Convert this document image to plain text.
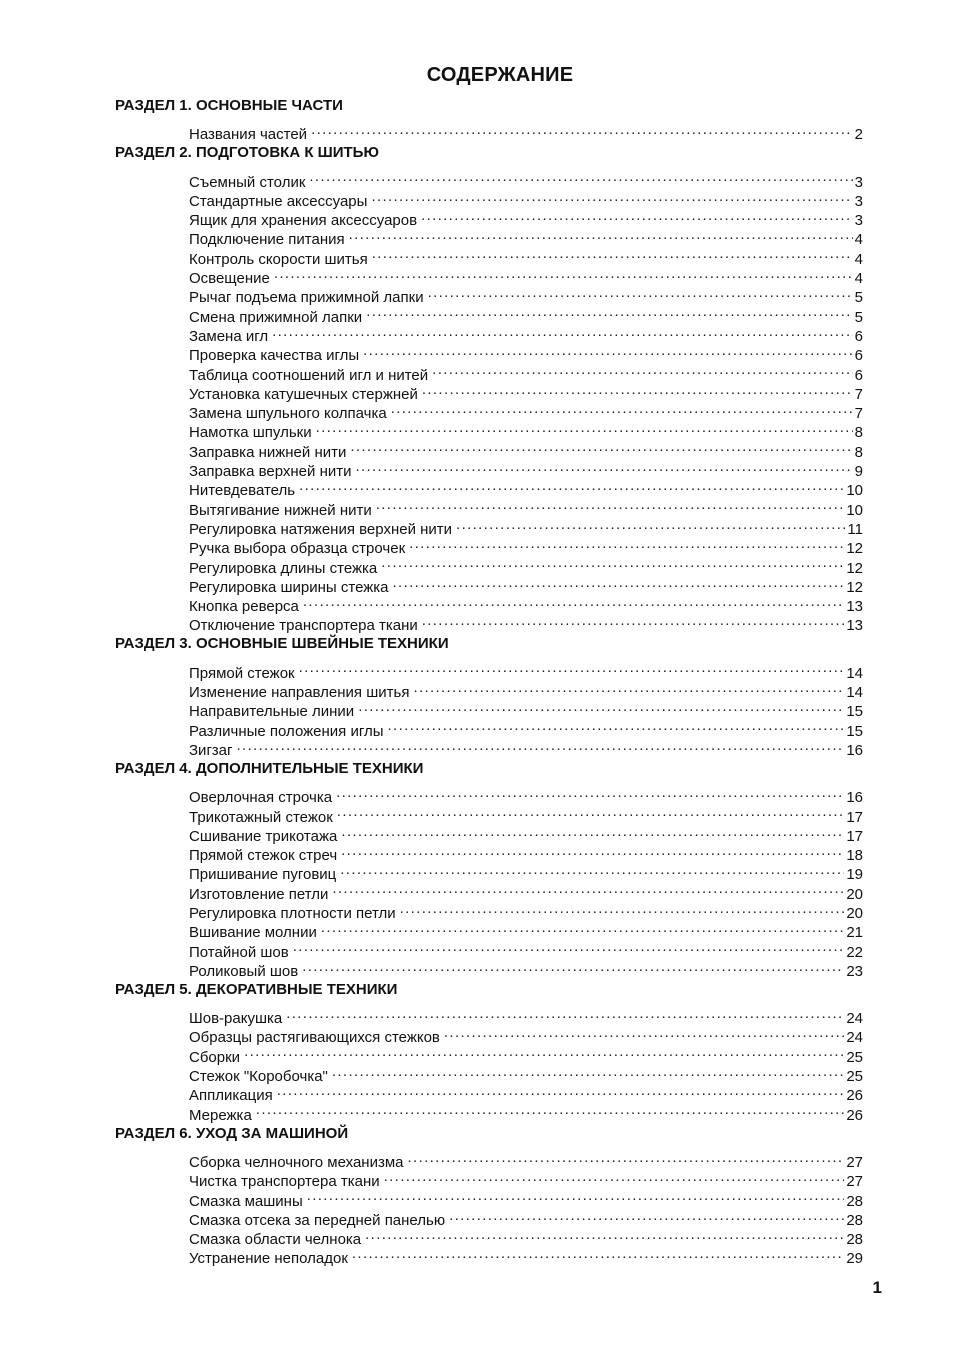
СОДЕРЖАНИЕ
РАЗДЕЛ 1. ОСНОВНЫЕ ЧАСТИ
Названия частей .....	2
РАЗДЕЛ 2. ПОДГОТОВКА К ШИТЬЮ
Съемный столик .....	3
Стандартные аксессуары .....	3
Ящик для хранения аксессуаров .....	3
Подключение питания .....	4
Контроль скорости шитья .....	4
Освещение .....	4
Рычаг подъема прижимной лапки .....	5
Смена прижимной лапки .....	5
Замена игл .....	6
Проверка качества иглы .....	6
Таблица соотношений игл и нитей .....	6
Установка катушечных стержней .....	7
Замена шпульного колпачка .....	7
Намотка шпульки .....	8
Заправка нижней нити .....	8
Заправка верхней нити .....	9
Нитевдеватель .....	10
Вытягивание нижней нити .....	10
Регулировка натяжения верхней нити .....	11
Ручка выбора образца строчек .....	12
Регулировка длины стежка .....	12
Регулировка ширины стежка .....	12
Кнопка реверса .....	13
Отключение транспортера ткани .....	13
РАЗДЕЛ 3. ОСНОВНЫЕ ШВЕЙНЫЕ ТЕХНИКИ
Прямой стежок .....	14
Изменение направления шитья .....	14
Направительные линии .....	15
Различные положения иглы .....	15
Зигзаг .....	16
РАЗДЕЛ 4. ДОПОЛНИТЕЛЬНЫЕ ТЕХНИКИ
Оверлочная строчка .....	16
Трикотажный стежок .....	17
Сшивание трикотажа .....	17
Прямой стежок стреч .....	18
Пришивание пуговиц .....	19
Изготовление петли .....	20
Регулировка плотности петли .....	20
Вшивание молнии .....	21
Потайной шов .....	22
Роликовый шов .....	23
РАЗДЕЛ 5. ДЕКОРАТИВНЫЕ ТЕХНИКИ
Шов-ракушка .....	24
Образцы растягивающихся стежков .....	24
Сборки .....	25
Стежок "Коробочка" .....	25
Аппликация .....	26
Мережка .....	26
РАЗДЕЛ 6. УХОД ЗА МАШИНОЙ
Сборка челночного механизма .....	27
Чистка транспортера ткани .....	27
Смазка машины .....	28
Смазка отсека за передней панелью .....	28
Смазка области челнока .....	28
Устранение неполадок .....	29
1
